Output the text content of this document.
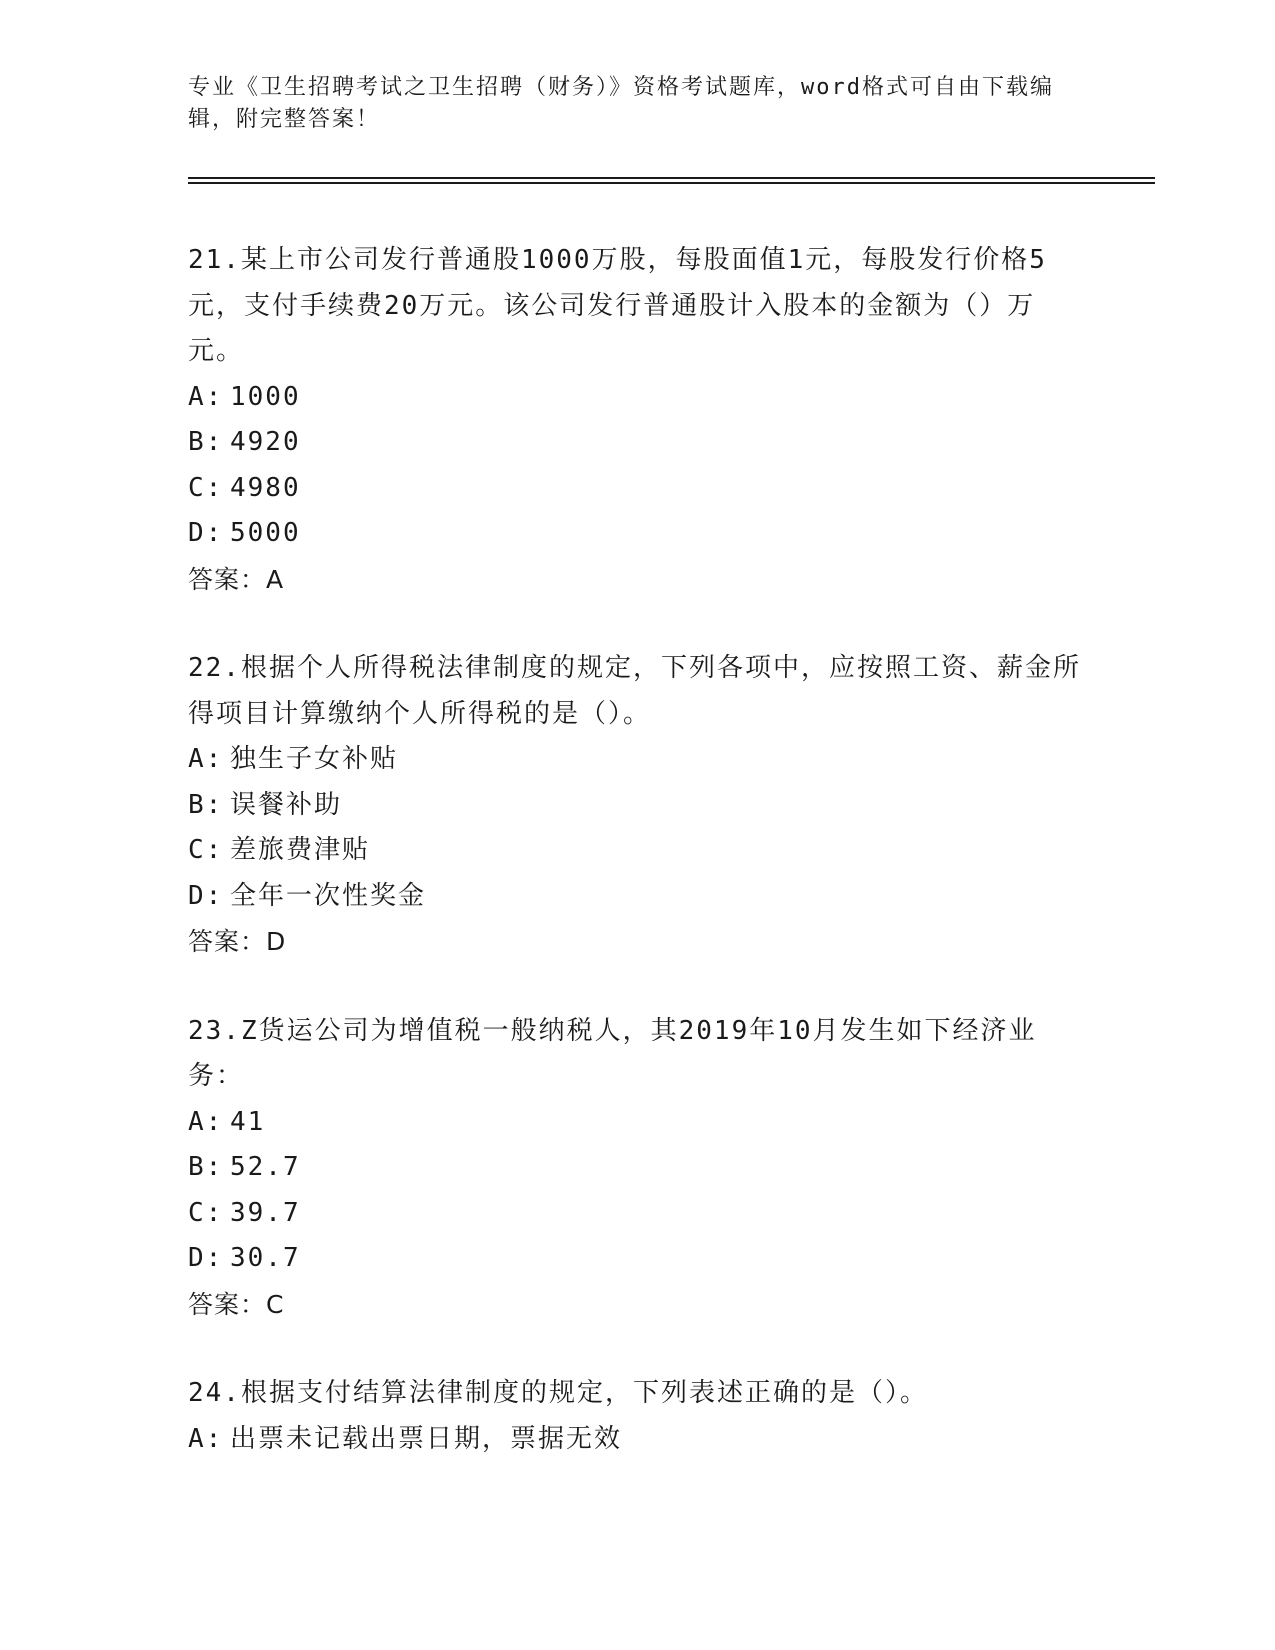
专业《卫生招聘考试之卫生招聘（财务）》资格考试题库，word格式可自由下载编辑，附完整答案！

21.某上市公司发行普通股1000万股，每股面值1元，每股发行价格5元，支付手续费20万元。该公司发行普通股计入股本的金额为（）万元。

A: 1000

B: 4920

C: 4980

D: 5000

答案：A

22.根据个人所得税法律制度的规定，下列各项中，应按照工资、薪金所得项目计算缴纳个人所得税的是（）。

A: 独生子女补贴

B: 误餐补助

C: 差旅费津贴

D: 全年一次性奖金

答案：D

23.Z货运公司为增值税一般纳税人，其2019年10月发生如下经济业务：

A: 41

B: 52.7

C: 39.7

D: 30.7

答案：C

24.根据支付结算法律制度的规定，下列表述正确的是（）。

A: 出票未记载出票日期，票据无效
